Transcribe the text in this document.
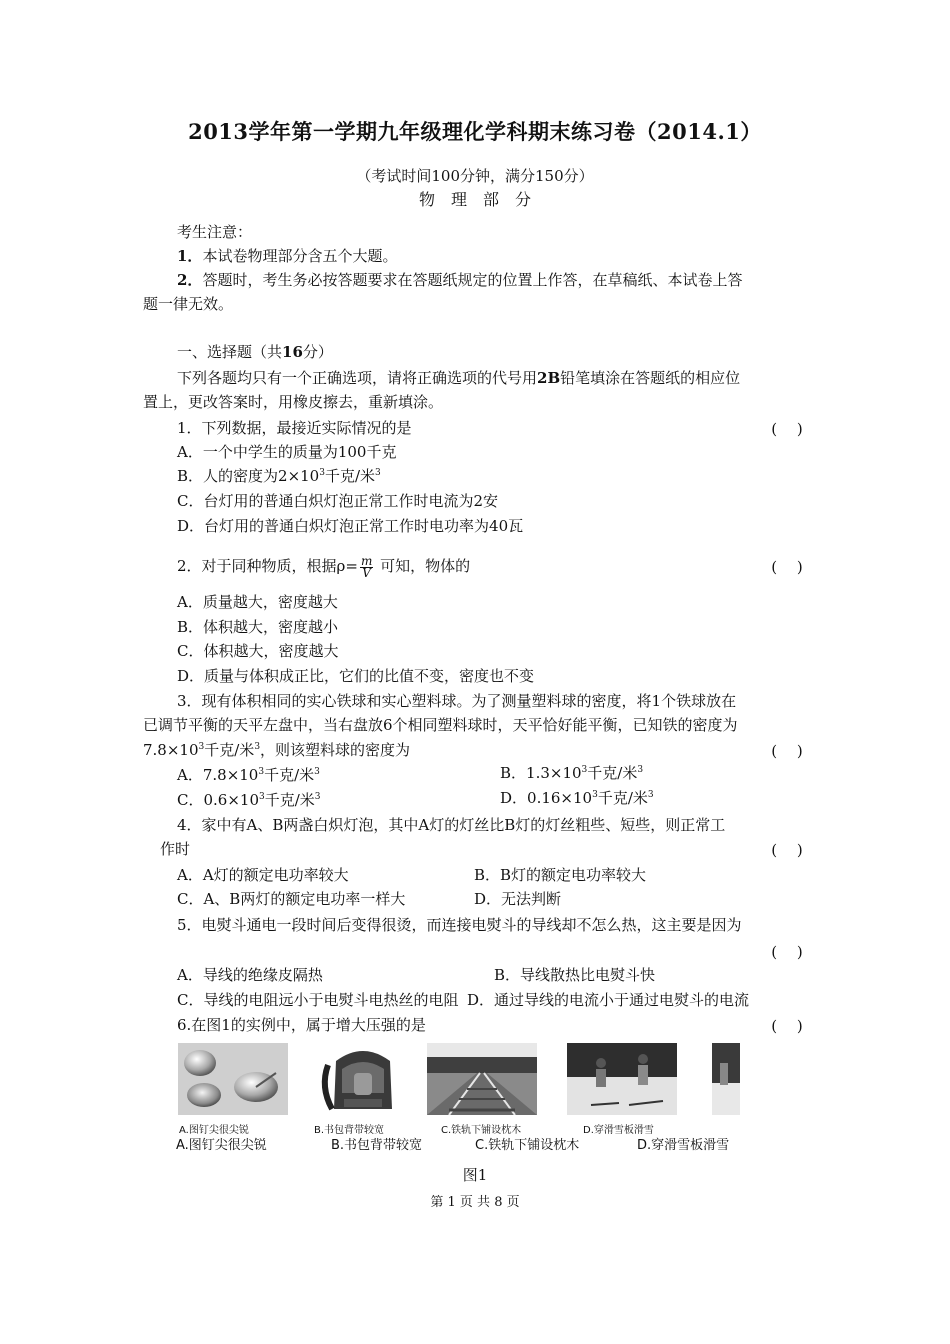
2013学年第一学期九年级理化学科期末练习卷（2014.1）
（考试时间100分钟，满分150分）
物　理　部　分
考生注意：
1．本试卷物理部分含五个大题。
2．答题时，考生务必按答题要求在答题纸规定的位置上作答，在草稿纸、本试卷上答
题一律无效。
一、选择题（共16分）
下列各题均只有一个正确选项，请将正确选项的代号用2B铅笔填涂在答题纸的相应位
置上，更改答案时，用橡皮擦去，重新填涂。
1．下列数据，最接近实际情况的是	(　 )
A．一个中学生的质量为100千克
B．人的密度为$2\times 10^3$千克/米$^3$
C．台灯用的普通白炽灯泡正常工作时电流为2安
D．台灯用的普通白炽灯泡正常工作时电功率为40瓦
2．对于同种物质，根据$\rho= \frac{m}{V}$ 可知，物体的	(　 )
A．质量越大，密度越大
B．体积越大，密度越小
C．体积越大，密度越大
D．质量与体积成正比，它们的比值不变，密度也不变
3．现有体积相同的实心铁球和实心塑料球。为了测量塑料球的密度，将1个铁球放在
已调节平衡的天平左盘中，当右盘放6个相同塑料球时，天平恰好能平衡，已知铁的密度为
$7.8\times 10^3$千克/米$^3$，则该塑料球的密度为	(　 )
A．$7.8\times 10^3$千克/米$^3$	B．$1.3\times 10^3$千克/米$^3$
C．$0.6\times 10^3$千克/米$^3$	D．$0.16\times 10^3$千克/米$^3$
4．家中有A、B两盏白炽灯泡，其中A灯的灯丝比B灯的灯丝粗些、短些，则正常工
作时	(　 )
A．A灯的额定电功率较大	B．B灯的额定电功率较大
C．A、B两灯的额定电功率一样大	D．无法判断
5．电熨斗通电一段时间后变得很烫，而连接电熨斗的导线却不怎么热，这主要是因为
(　 )
A．导线的绝缘皮隔热	B．导线散热比电熨斗快
C．导线的电阻远小于电熨斗电热丝的电阻 D．通过导线的电流小于通过电熨斗的电流
6.在图1的实例中，属于增大压强的是	(　 )
A.图钉尖很尖锐	B.书包背带较宽	C.铁轨下铺设枕木	D.穿滑雪板滑雪
A.图钉尖很尖锐	B.书包背带较宽	C.铁轨下铺设枕木	D.穿滑雪板滑雪
图1
第 1 页 共 8 页
